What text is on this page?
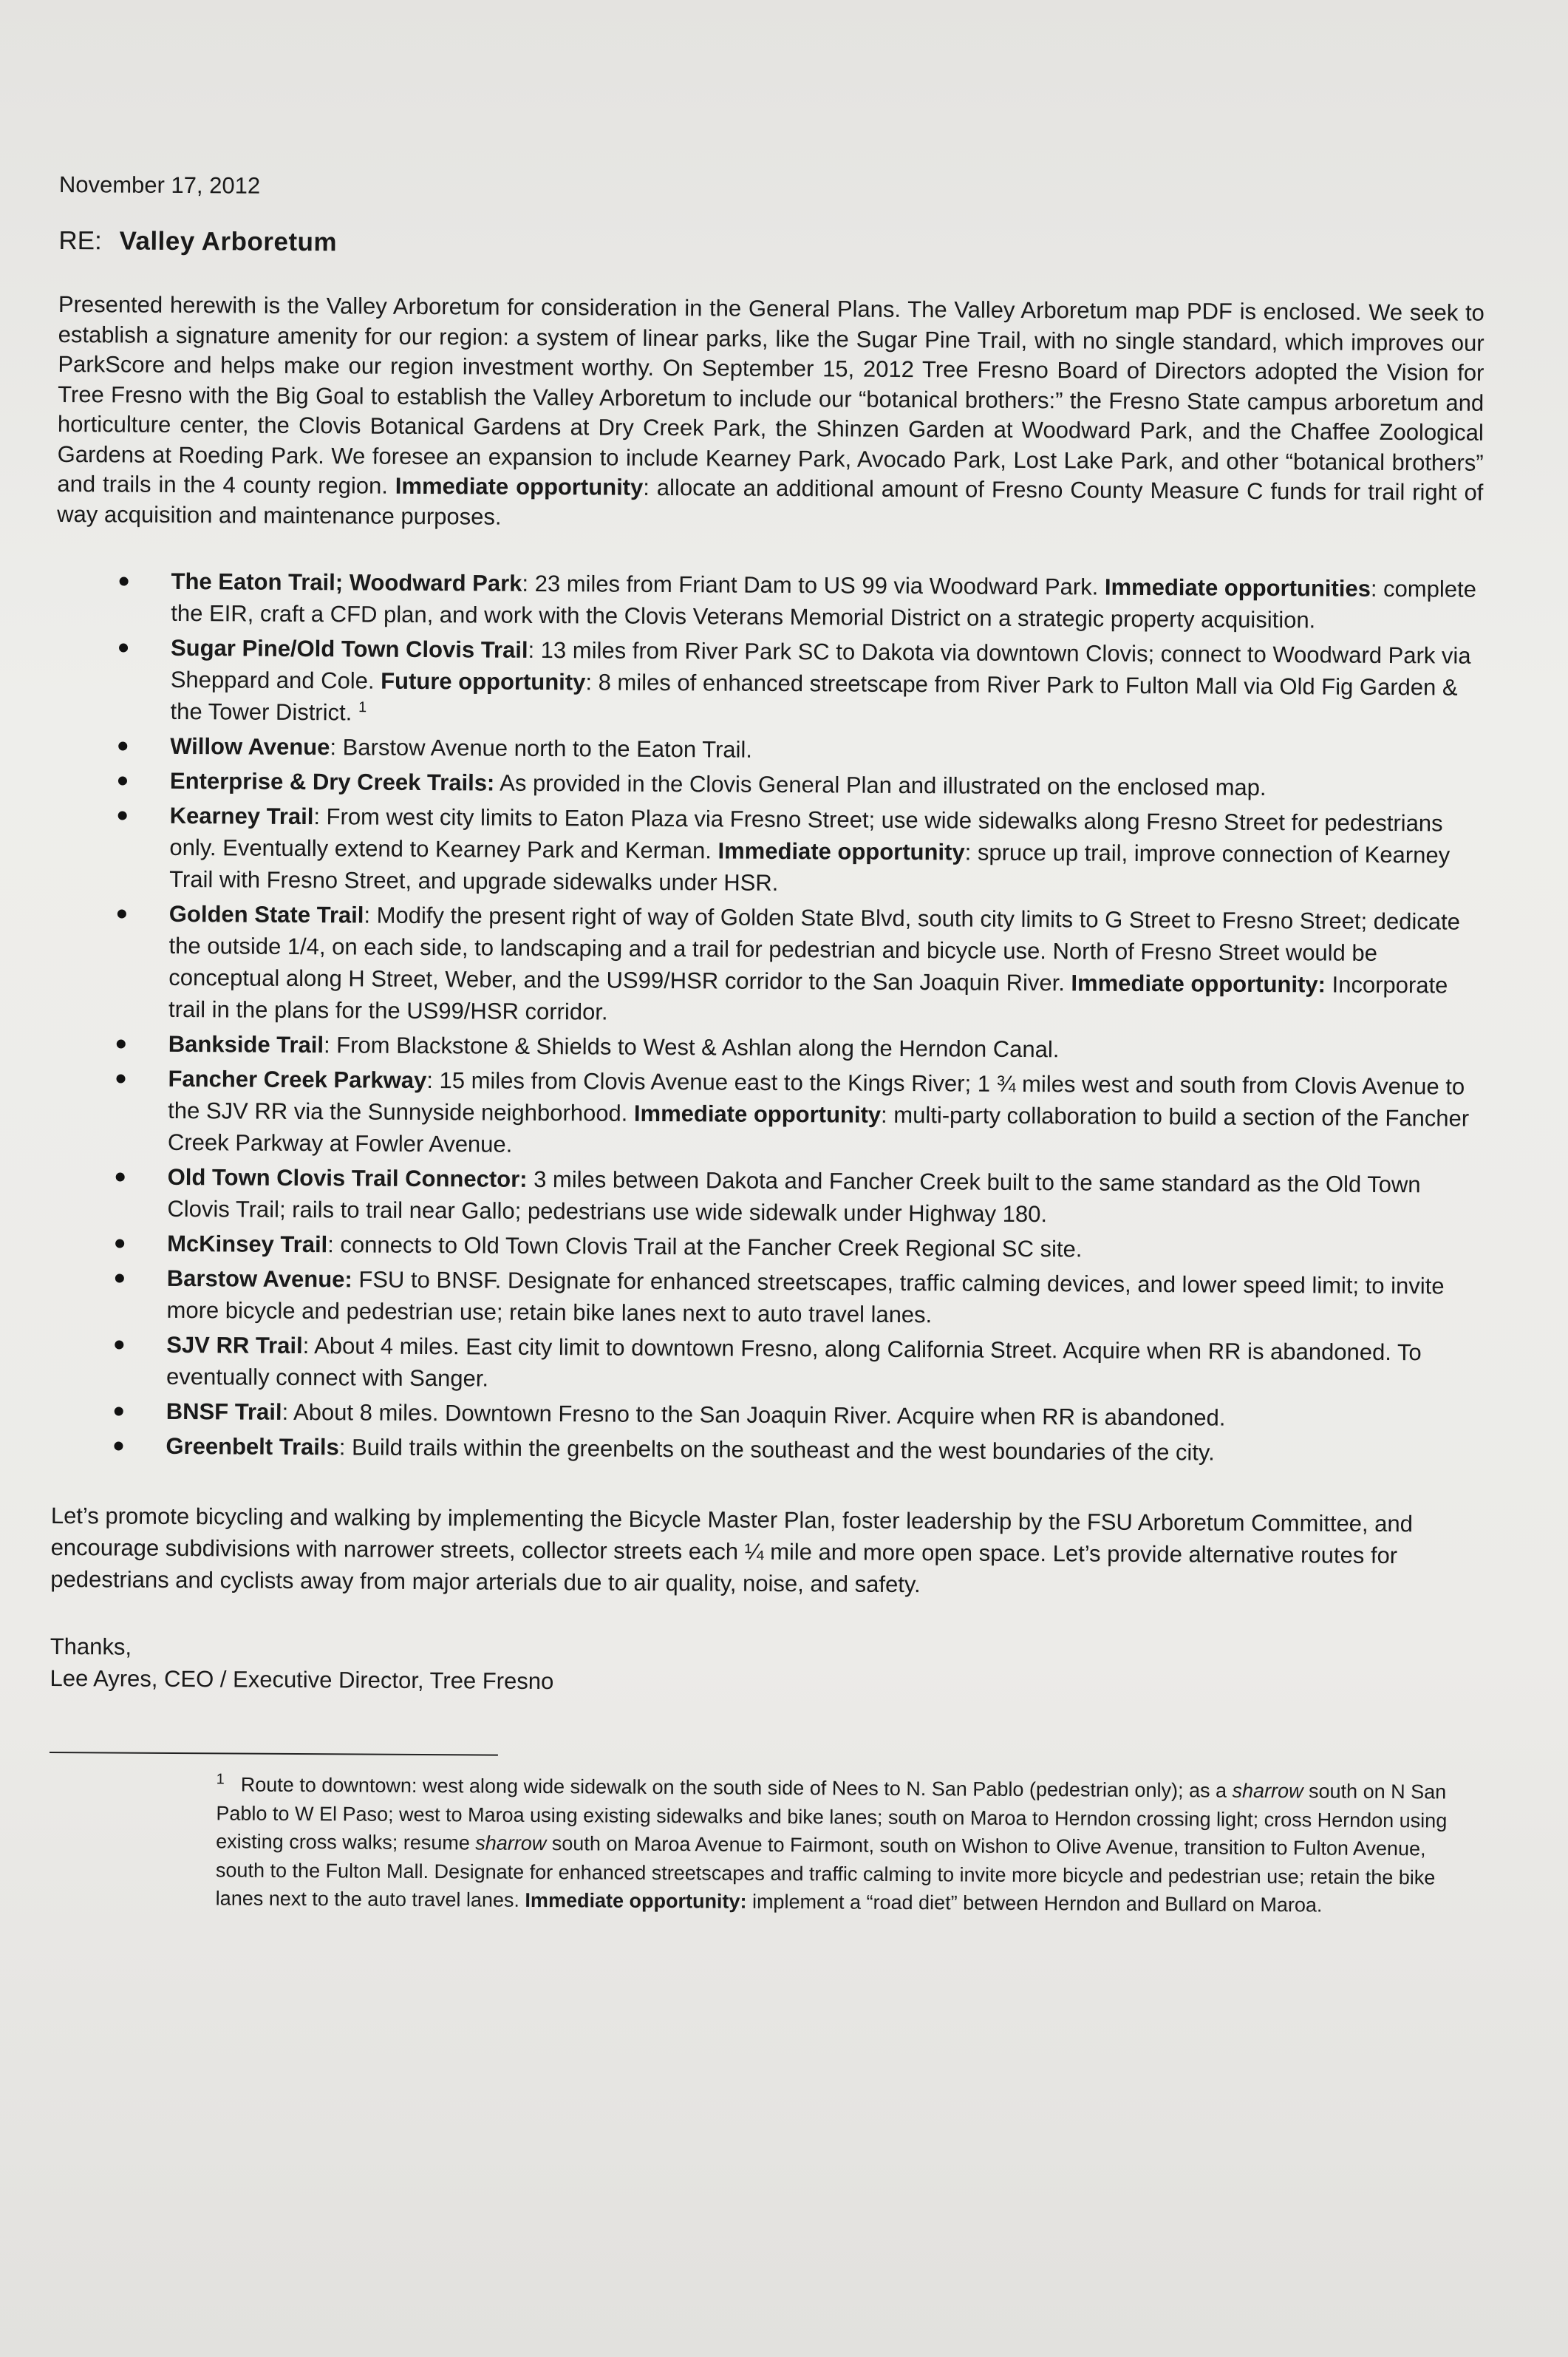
November 17, 2012
RE: Valley Arboretum

Presented herewith is the Valley Arboretum for consideration in the General Plans. The Valley Arboretum map PDF is enclosed. We seek to establish a signature amenity for our region: a system of linear parks, like the Sugar Pine Trail, with no single standard, which improves our ParkScore and helps make our region investment worthy. On September 15, 2012 Tree Fresno Board of Directors adopted the Vision for Tree Fresno with the Big Goal to establish the Valley Arboretum to include our “botanical brothers:” the Fresno State campus arboretum and horticulture center, the Clovis Botanical Gardens at Dry Creek Park, the Shinzen Garden at Woodward Park, and the Chaffee Zoological Gardens at Roeding Park. We foresee an expansion to include Kearney Park, Avocado Park, Lost Lake Park, and other “botanical brothers” and trails in the 4 county region. Immediate opportunity: allocate an additional amount of Fresno County Measure C funds for trail right of way acquisition and maintenance purposes.

The Eaton Trail; Woodward Park: 23 miles from Friant Dam to US 99 via Woodward Park. Immediate opportunities: complete the EIR, craft a CFD plan, and work with the Clovis Veterans Memorial District on a strategic property acquisition.
Sugar Pine/Old Town Clovis Trail: 13 miles from River Park SC to Dakota via downtown Clovis; connect to Woodward Park via Sheppard and Cole. Future opportunity: 8 miles of enhanced streetscape from River Park to Fulton Mall via Old Fig Garden & the Tower District. $^1$
Willow Avenue: Barstow Avenue north to the Eaton Trail.
Enterprise & Dry Creek Trails: As provided in the Clovis General Plan and illustrated on the enclosed map.
Kearney Trail: From west city limits to Eaton Plaza via Fresno Street; use wide sidewalks along Fresno Street for pedestrians only. Eventually extend to Kearney Park and Kerman. Immediate opportunity: spruce up trail, improve connection of Kearney Trail with Fresno Street, and upgrade sidewalks under HSR.
Golden State Trail: Modify the present right of way of Golden State Blvd, south city limits to G Street to Fresno Street; dedicate the outside 1/4, on each side, to landscaping and a trail for pedestrian and bicycle use. North of Fresno Street would be conceptual along H Street, Weber, and the US99/HSR corridor to the San Joaquin River. Immediate opportunity: Incorporate trail in the plans for the US99/HSR corridor.
Bankside Trail: From Blackstone & Shields to West & Ashlan along the Herndon Canal.
Fancher Creek Parkway: 15 miles from Clovis Avenue east to the Kings River; 1 ¾ miles west and south from Clovis Avenue to the SJV RR via the Sunnyside neighborhood. Immediate opportunity: multi-party collaboration to build a section of the Fancher Creek Parkway at Fowler Avenue.
Old Town Clovis Trail Connector: 3 miles between Dakota and Fancher Creek built to the same standard as the Old Town Clovis Trail; rails to trail near Gallo; pedestrians use wide sidewalk under Highway 180.
McKinsey Trail: connects to Old Town Clovis Trail at the Fancher Creek Regional SC site.
Barstow Avenue: FSU to BNSF. Designate for enhanced streetscapes, traffic calming devices, and lower speed limit; to invite more bicycle and pedestrian use; retain bike lanes next to auto travel lanes.
SJV RR Trail: About 4 miles. East city limit to downtown Fresno, along California Street. Acquire when RR is abandoned. To eventually connect with Sanger.
BNSF Trail: About 8 miles. Downtown Fresno to the San Joaquin River. Acquire when RR is abandoned.
Greenbelt Trails: Build trails within the greenbelts on the southeast and the west boundaries of the city.

Let’s promote bicycling and walking by implementing the Bicycle Master Plan, foster leadership by the FSU Arboretum Committee, and encourage subdivisions with narrower streets, collector streets each ¼ mile and more open space. Let’s provide alternative routes for pedestrians and cyclists away from major arterials due to air quality, noise, and safety.

Thanks,
Lee Ayres, CEO / Executive Director, Tree Fresno
$^1$ Route to downtown: west along wide sidewalk on the south side of Nees to N. San Pablo (pedestrian only); as a sharrow south on N San Pablo to W El Paso; west to Maroa using existing sidewalks and bike lanes; south on Maroa to Herndon crossing light; cross Herndon using existing cross walks; resume sharrow south on Maroa Avenue to Fairmont, south on Wishon to Olive Avenue, transition to Fulton Avenue, south to the Fulton Mall. Designate for enhanced streetscapes and traffic calming to invite more bicycle and pedestrian use; retain the bike lanes next to the auto travel lanes. Immediate opportunity: implement a “road diet” between Herndon and Bullard on Maroa.
